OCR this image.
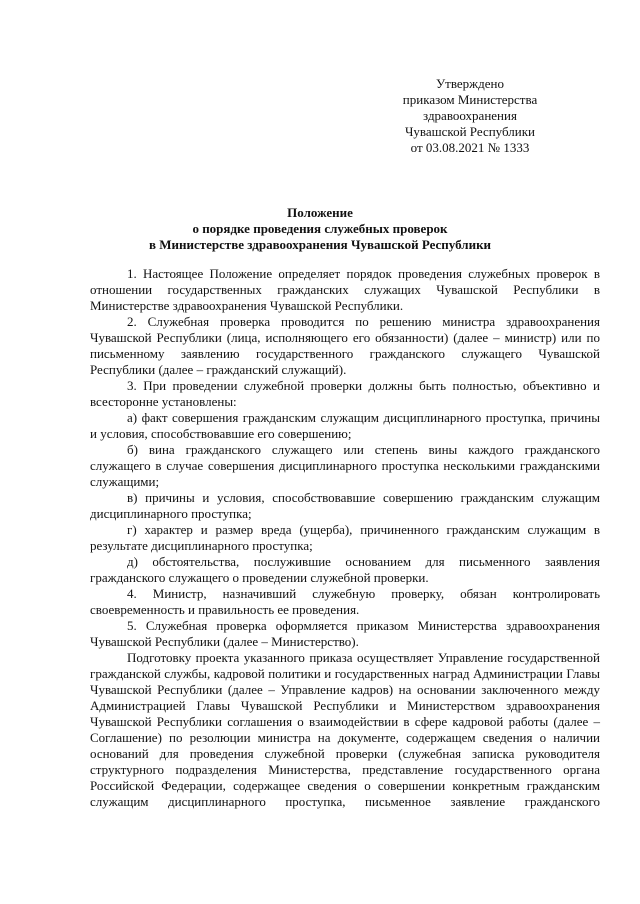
Утверждено
приказом Министерства
здравоохранения
Чувашской Республики
от 03.08.2021 № 1333
Положение
о порядке проведения служебных проверок
в Министерстве здравоохранения Чувашской Республики

1. Настоящее Положение определяет порядок проведения служебных проверок в отношении государственных гражданских служащих Чувашской Республики в Министерстве здравоохранения Чувашской Республики.

2. Служебная проверка проводится по решению министра здравоохранения Чувашской Республики (лица, исполняющего его обязанности) (далее – министр) или по письменному заявлению государственного гражданского служащего Чувашской Республики (далее – гражданский служащий).

3. При проведении служебной проверки должны быть полностью, объективно и всесторонне установлены:

а) факт совершения гражданским служащим дисциплинарного проступка, причины и условия, способствовавшие его совершению;

б) вина гражданского служащего или степень вины каждого гражданского служащего в случае совершения дисциплинарного проступка несколькими гражданскими служащими;

в) причины и условия, способствовавшие совершению гражданским служащим дисциплинарного проступка;

г) характер и размер вреда (ущерба), причиненного гражданским служащим в результате дисциплинарного проступка;

д) обстоятельства, послужившие основанием для письменного заявления гражданского служащего о проведении служебной проверки.

4. Министр, назначивший служебную проверку, обязан контролировать своевременность и правильность ее проведения.

5. Служебная проверка оформляется приказом Министерства здравоохранения Чувашской Республики (далее – Министерство).

Подготовку проекта указанного приказа осуществляет Управление государственной гражданской службы, кадровой политики и государственных наград Администрации Главы Чувашской Республики (далее – Управление кадров) на основании заключенного между Администрацией Главы Чувашской Республики и Министерством здравоохранения Чувашской Республики соглашения о взаимодействии в сфере кадровой работы (далее – Соглашение) по резолюции министра на документе, содержащем сведения о наличии оснований для проведения служебной проверки (служебная записка руководителя структурного подразделения Министерства, представление государственного органа Российской Федерации, содержащее сведения о совершении конкретным гражданским служащим дисциплинарного проступка, письменное заявление гражданского
